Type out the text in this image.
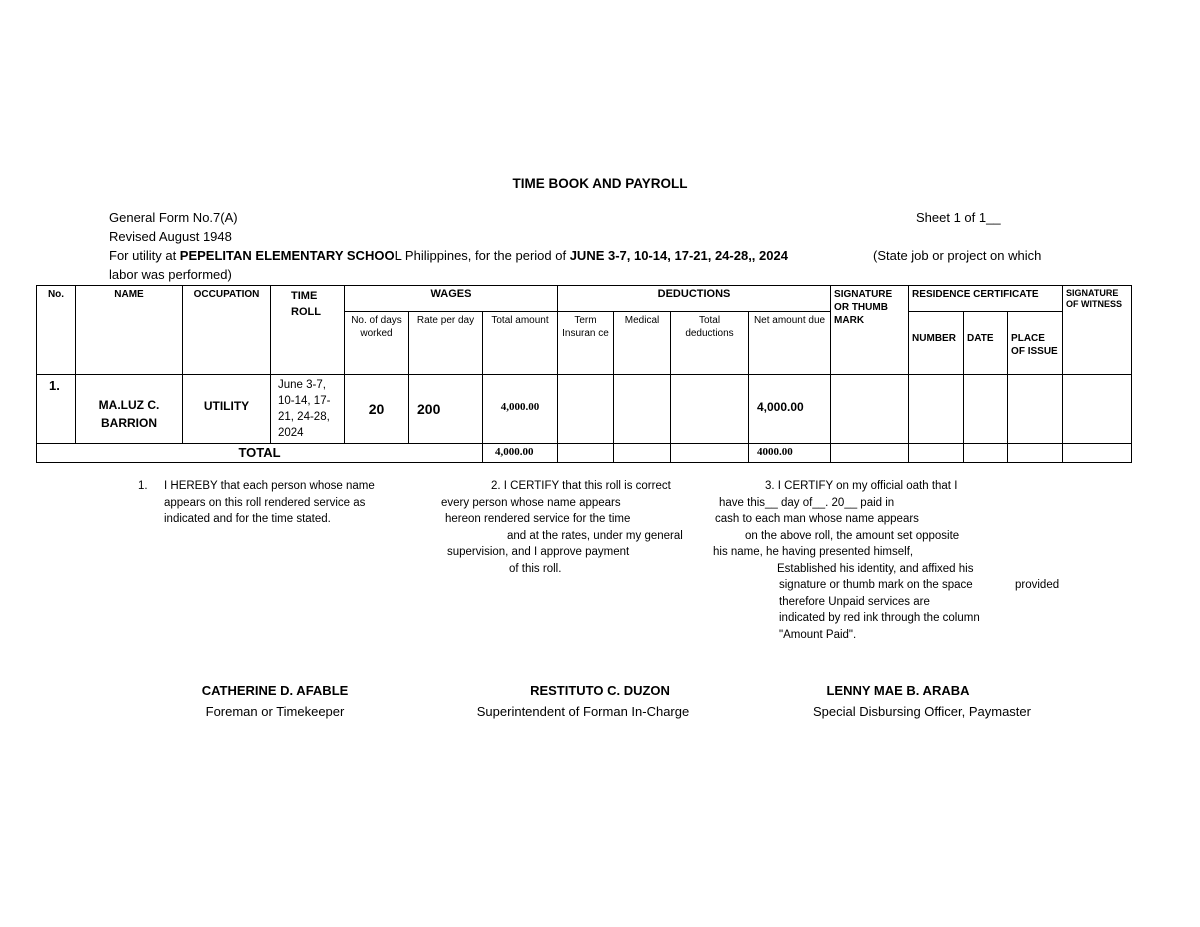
TIME BOOK AND PAYROLL
General Form No.7(A)	Sheet 1 of 1__
Revised August 1948
For utility at PEPELITAN ELEMENTARY SCHOOL Philippines, for the period of JUNE 3-7, 10-14, 17-21, 24-28,, 2024	(State job or project on which
labor was performed)
No.	NAME	OCCUPATION	TIME ROLL	WAGES			DEDUCTIONS				SIGNATURE OR THUMB MARK	RESIDENCE CERTIFICATE			SIGNATURE OF WITNESS
				No. of days worked	Rate per day	Total amount	Term Insuran ce	Medical	Total deductions	Net amount due		NUMBER	DATE	PLACE OF ISSUE	
1.	MA.LUZ C. BARRION	UTILITY	June 3-7, 10-14, 17-21, 24-28, 2024	20	200	4,000.00				4,000.00					
TOTAL						4,000.00				4000.00					
1. I HEREBY that each person whose name
appears on this roll rendered service as
indicated and for the time stated.
2. I CERTIFY that this roll is correct
every person whose name appears
hereon rendered service for the time
and at the rates, under my general
supervision, and I approve payment
of this roll.
3. I CERTIFY on my official oath that I
have this__ day of__. 20__ paid in
cash to each man whose name appears
on the above roll, the amount set opposite
his name, he having presented himself,
Established his identity, and affixed his
signature or thumb mark on the space	provided
therefore Unpaid services are
indicated by red ink through the column
"Amount Paid".
CATHERINE D. AFABLE
Foreman or Timekeeper
RESTITUTO C. DUZON
Superintendent of Forman In-Charge
LENNY MAE B. ARABA
Special Disbursing Officer, Paymaster
